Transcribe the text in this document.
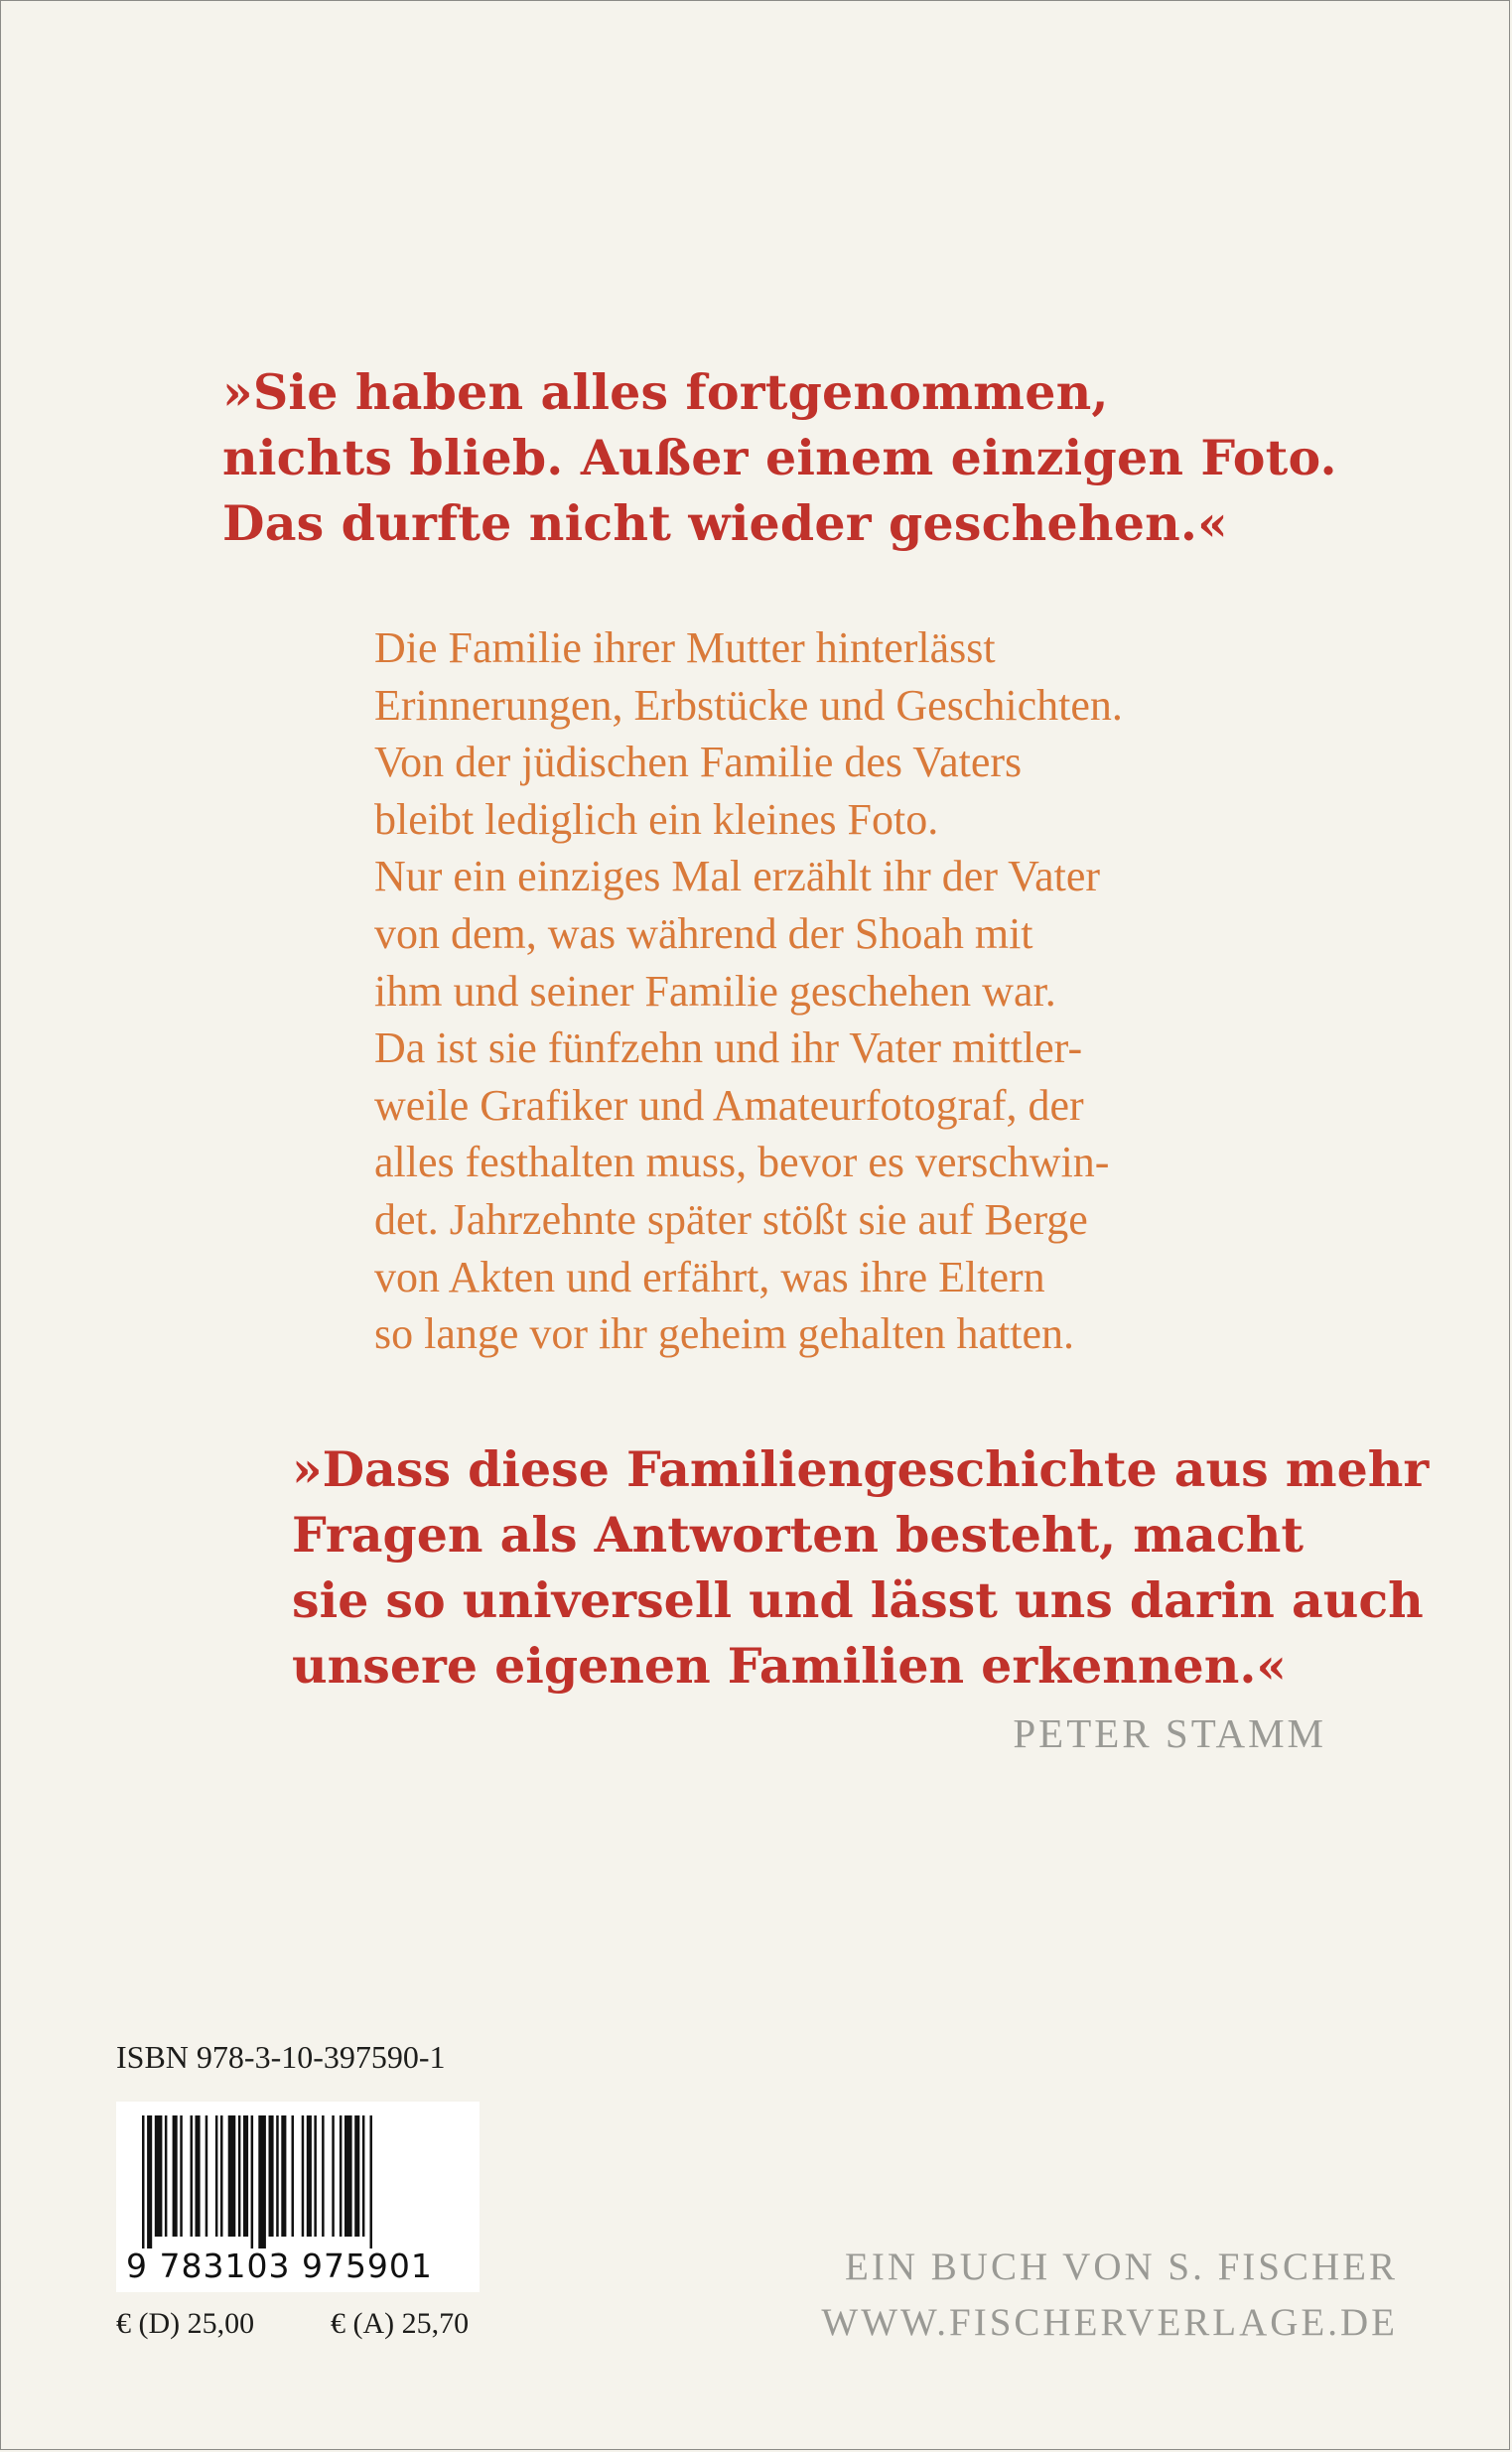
»Sie haben alles fortgenommen,
nichts blieb. Außer einem einzigen Foto.
Das durfte nicht wieder geschehen.«
Die Familie ihrer Mutter hinterlässt
Erinnerungen, Erbstücke und Geschichten.
Von der jüdischen Familie des Vaters
bleibt lediglich ein kleines Foto.
Nur ein einziges Mal erzählt ihr der Vater
von dem, was während der Shoah mit
ihm und seiner Familie geschehen war.
Da ist sie fünfzehn und ihr Vater mittler-
weile Grafiker und Amateurfotograf, der
alles festhalten muss, bevor es verschwin-
det. Jahrzehnte später stößt sie auf Berge
von Akten und erfährt, was ihre Eltern
so lange vor ihr geheim gehalten hatten.
»Dass diese Familiengeschichte aus mehr
Fragen als Antworten besteht, macht
sie so universell und lässt uns darin auch
unsere eigenen Familien erkennen.«
PETER STAMM
ISBN 978-3-10-397590-1
9 783103 975901
€ (D) 25,00	€ (A) 25,70
EIN BUCH VON S. FISCHER
WWW.FISCHERVERLAGE.DE
